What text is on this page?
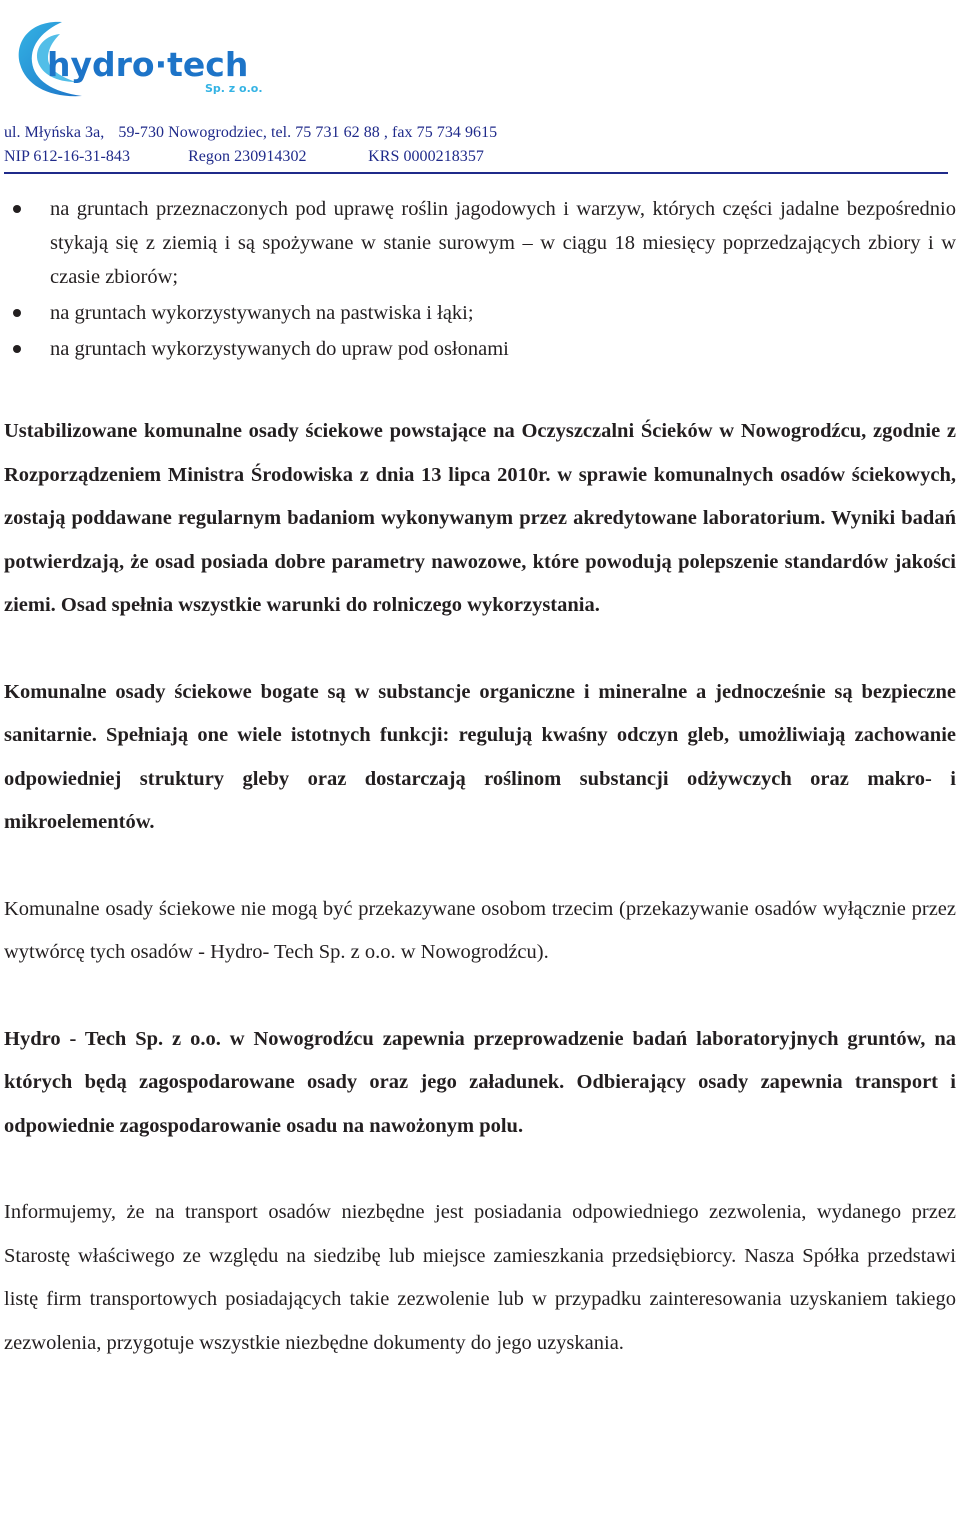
hydro·tech
Sp. z o.o.
ul. Młyńska 3a, 59-730 Nowogrodziec, tel. 75 731 62 88 , fax 75 734 9615
NIP 612-16-31-843	Regon 230914302	KRS 0000218357
na gruntach przeznaczonych pod uprawę roślin jagodowych i warzyw, których części jadalne bezpośrednio stykają się z ziemią i są spożywane w stanie surowym – w ciągu 18 miesięcy poprzedzających zbiory i w czasie zbiorów;
na gruntach wykorzystywanych na pastwiska i łąki;
na gruntach wykorzystywanych do upraw pod osłonami

Ustabilizowane komunalne osady ściekowe powstające na Oczyszczalni Ścieków w Nowogrodźcu, zgodnie z Rozporządzeniem Ministra Środowiska z dnia 13 lipca 2010r. w sprawie komunalnych osadów ściekowych, zostają poddawane regularnym badaniom wykonywanym przez akredytowane laboratorium. Wyniki badań potwierdzają, że osad posiada dobre parametry nawozowe, które powodują polepszenie standardów jakości ziemi. Osad spełnia wszystkie warunki do rolniczego wykorzystania.

Komunalne osady ściekowe bogate są w substancje organiczne i mineralne a jednocześnie są bezpieczne sanitarnie. Spełniają one wiele istotnych funkcji: regulują kwaśny odczyn gleb, umożliwiają zachowanie odpowiedniej struktury gleby oraz dostarczają roślinom substancji odżywczych oraz makro- i mikroelementów.

Komunalne osady ściekowe nie mogą być przekazywane osobom trzecim (przekazywanie osadów wyłącznie przez wytwórcę tych osadów - Hydro- Tech Sp. z o.o. w Nowogrodźcu).

Hydro - Tech Sp. z o.o. w Nowogrodźcu zapewnia przeprowadzenie badań laboratoryjnych gruntów, na których będą zagospodarowane osady oraz jego załadunek. Odbierający osady zapewnia transport i odpowiednie zagospodarowanie osadu na nawożonym polu.

Informujemy, że na transport osadów niezbędne jest posiadania odpowiedniego zezwolenia, wydanego przez Starostę właściwego ze względu na siedzibę lub miejsce zamieszkania przedsiębiorcy. Nasza Spółka przedstawi listę firm transportowych posiadających takie zezwolenie lub w przypadku zainteresowania uzyskaniem takiego zezwolenia, przygotuje wszystkie niezbędne dokumenty do jego uzyskania.
